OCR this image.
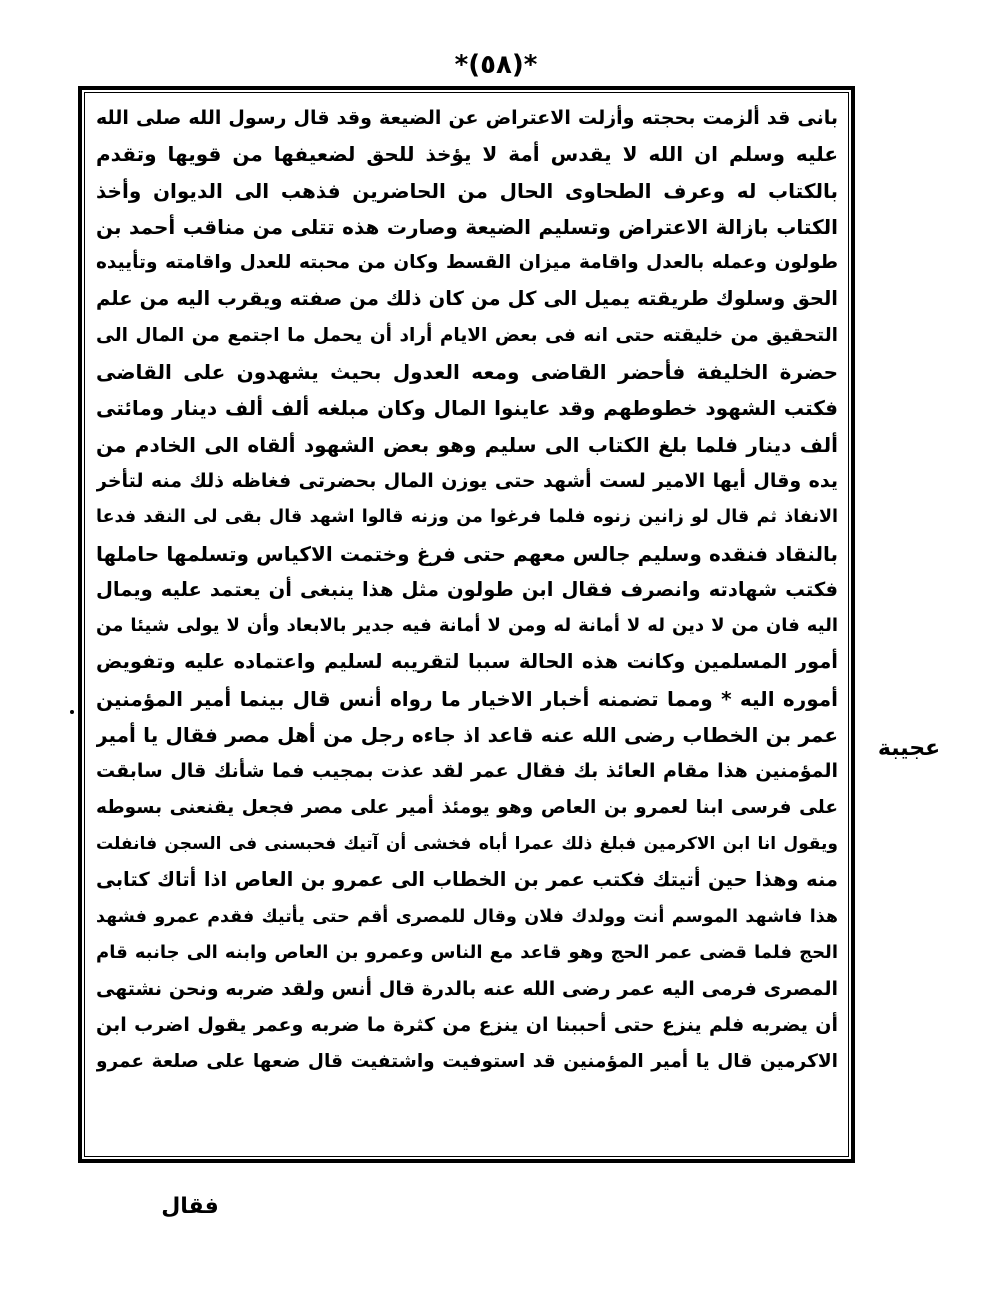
*(٥٨)*
بانى قد ألزمت بحجته وأزلت الاعتراض عن الضيعة وقد قال رسول الله صلى الله
عليه وسلم ان الله لا يقدس أمة لا يؤخذ للحق لضعيفها من قويها وتقدم
بالكتاب له وعرف الطحاوى الحال من الحاضرين فذهب الى الديوان وأخذ
الكتاب بازالة الاعتراض وتسليم الضيعة وصارت هذه تتلى من مناقب أحمد بن
طولون وعمله بالعدل واقامة ميزان القسط وكان من محبته للعدل واقامته وتأييده
الحق وسلوك طريقته يميل الى كل من كان ذلك من صفته ويقرب اليه من علم
التحقيق من خليقته حتى انه فى بعض الايام أراد أن يحمل ما اجتمع من المال الى
حضرة الخليفة فأحضر القاضى ومعه العدول بحيث يشهدون على القاضى
فكتب الشهود خطوطهم وقد عاينوا المال وكان مبلغه ألف ألف دينار ومائتى
ألف دينار فلما بلغ الكتاب الى سليم وهو بعض الشهود ألقاه الى الخادم من
يده وقال أيها الامير لست أشهد حتى يوزن المال بحضرتى فغاظه ذلك منه لتأخر
الانفاذ ثم قال لو زانين زنوه فلما فرغوا من وزنه قالوا اشهد قال بقى لى النقد فدعا
بالنقاد فنقده وسليم جالس معهم حتى فرغ وختمت الاكياس وتسلمها حاملها
فكتب شهادته وانصرف فقال ابن طولون مثل هذا ينبغى أن يعتمد عليه ويمال
اليه فان من لا دين له لا أمانة له ومن لا أمانة فيه جدير بالابعاد وأن لا يولى شيئا من
أمور المسلمين وكانت هذه الحالة سببا لتقريبه لسليم واعتماده عليه وتفويض
أموره اليه * ومما تضمنه أخبار الاخيار ما رواه أنس قال بينما أمير المؤمنين
عمر بن الخطاب رضى الله عنه قاعد اذ جاءه رجل من أهل مصر فقال يا أمير
المؤمنين هذا مقام العائذ بك فقال عمر لقد عذت بمجيب فما شأنك قال سابقت
على فرسى ابنا لعمرو بن العاص وهو يومئذ أمير على مصر فجعل يقنعنى بسوطه
ويقول انا ابن الاكرمين فبلغ ذلك عمرا أباه فخشى أن آتيك فحبسنى فى السجن فانفلت
منه وهذا حين أتيتك فكتب عمر بن الخطاب الى عمرو بن العاص اذا أتاك كتابى
هذا فاشهد الموسم أنت وولدك فلان وقال للمصرى أقم حتى يأتيك فقدم عمرو فشهد
الحج فلما قضى عمر الحج وهو قاعد مع الناس وعمرو بن العاص وابنه الى جانبه قام
المصرى فرمى اليه عمر رضى الله عنه بالدرة قال أنس ولقد ضربه ونحن نشتهى
أن يضربه فلم ينزع حتى أحببنا ان ينزع من كثرة ما ضربه وعمر يقول اضرب ابن
الاكرمين قال يا أمير المؤمنين قد استوفيت واشتفيت قال ضعها على صلعة عمرو
عجيبة
فقال
